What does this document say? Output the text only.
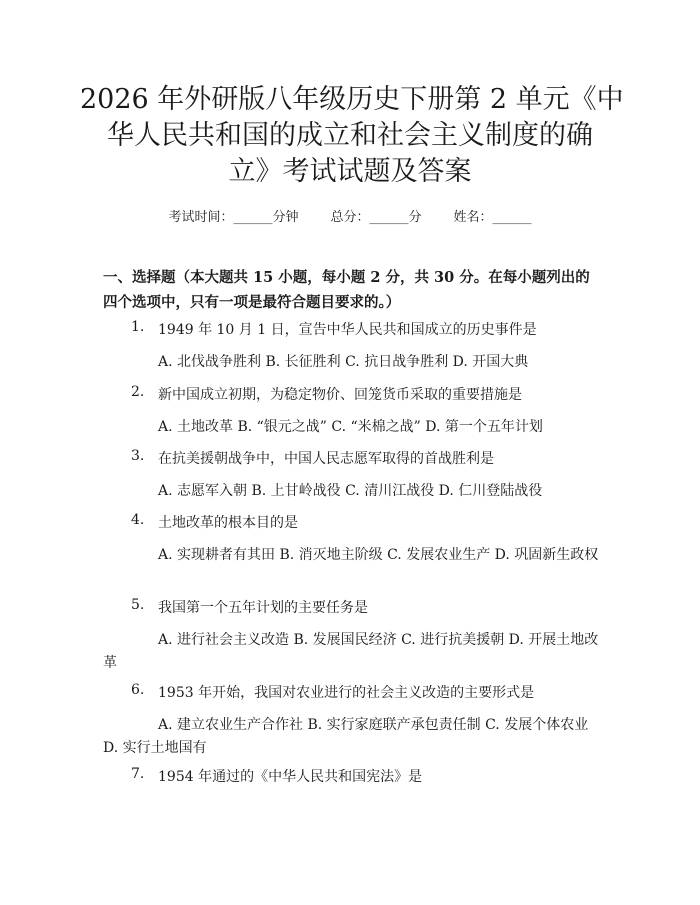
2026 年外研版八年级历史下册第 2 单元《中
华人民共和国的成立和社会主义制度的确
立》考试试题及答案
考试时间：______分钟 总分：______分 姓名：______

一、选择题（本大题共 15 小题，每小题 2 分，共 30 分。在每小题列出的四个选项中，只有一项是最符合题目要求的。）

1. 1949 年 10 月 1 日，宣告中华人民共和国成立的历史事件是
A. 北伐战争胜利 B. 长征胜利 C. 抗日战争胜利 D. 开国大典
2. 新中国成立初期，为稳定物价、回笼货币采取的重要措施是
A. 土地改革 B. “银元之战” C. “米棉之战” D. 第一个五年计划
3. 在抗美援朝战争中，中国人民志愿军取得的首战胜利是
A. 志愿军入朝 B. 上甘岭战役 C. 清川江战役 D. 仁川登陆战役
4. 土地改革的根本目的是
A. 实现耕者有其田 B. 消灭地主阶级 C. 发展农业生产 D. 巩固新生政权
5. 我国第一个五年计划的主要任务是
A. 进行社会主义改造 B. 发展国民经济 C. 进行抗美援朝 D. 开展土地改革
6. 1953 年开始，我国对农业进行的社会主义改造的主要形式是
A. 建立农业生产合作社 B. 实行家庭联产承包责任制 C. 发展个体农业 D. 实行土地国有
7. 1954 年通过的《中华人民共和国宪法》是
